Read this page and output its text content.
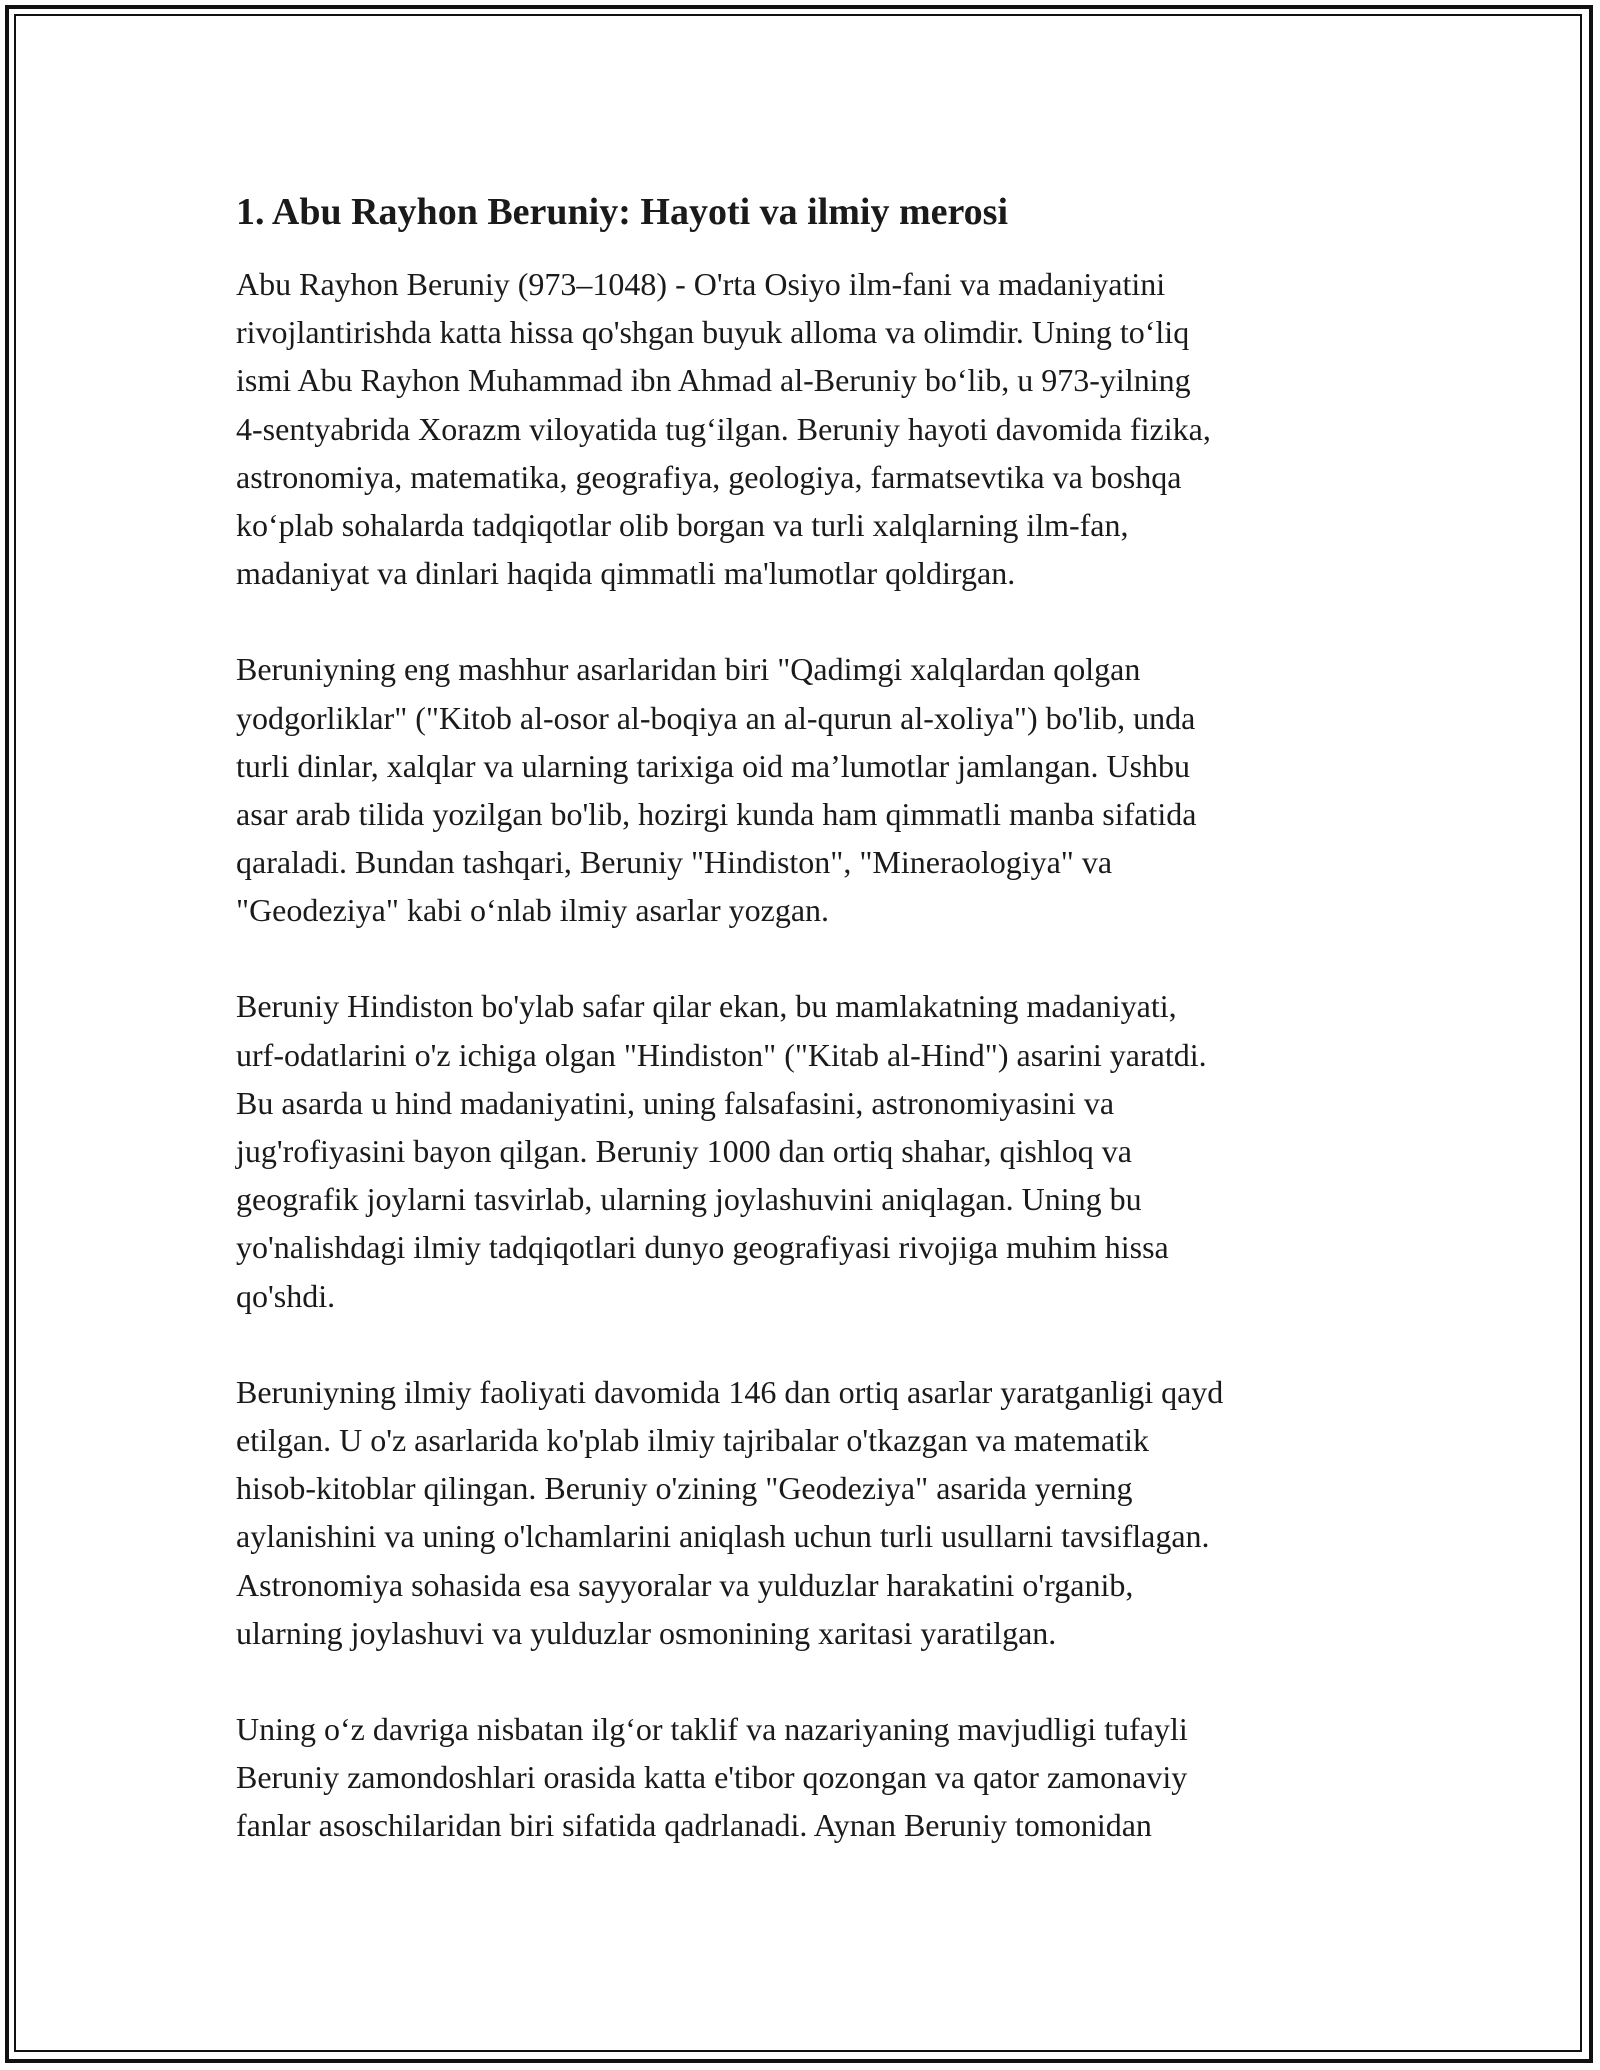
1. Abu Rayhon Beruniy: Hayoti va ilmiy merosi

Abu Rayhon Beruniy (973–1048) - O'rta Osiyo ilm-fani va madaniyatini
rivojlantirishda katta hissa qo'shgan buyuk alloma va olimdir. Uning to‘liq
ismi Abu Rayhon Muhammad ibn Ahmad al-Beruniy bo‘lib, u 973-yilning
4-sentyabrida Xorazm viloyatida tug‘ilgan. Beruniy hayoti davomida fizika,
astronomiya, matematika, geografiya, geologiya, farmatsevtika va boshqa
ko‘plab sohalarda tadqiqotlar olib borgan va turli xalqlarning ilm-fan,
madaniyat va dinlari haqida qimmatli ma'lumotlar qoldirgan.

Beruniyning eng mashhur asarlaridan biri "Qadimgi xalqlardan qolgan
yodgorliklar" ("Kitob al-osor al-boqiya an al-qurun al-xoliya") bo'lib, unda
turli dinlar, xalqlar va ularning tarixiga oid ma’lumotlar jamlangan. Ushbu
asar arab tilida yozilgan bo'lib, hozirgi kunda ham qimmatli manba sifatida
qaraladi. Bundan tashqari, Beruniy "Hindiston", "Mineraologiya" va
"Geodeziya" kabi o‘nlab ilmiy asarlar yozgan.

Beruniy Hindiston bo'ylab safar qilar ekan, bu mamlakatning madaniyati,
urf-odatlarini o'z ichiga olgan "Hindiston" ("Kitab al-Hind") asarini yaratdi.
Bu asarda u hind madaniyatini, uning falsafasini, astronomiyasini va
jug'rofiyasini bayon qilgan. Beruniy 1000 dan ortiq shahar, qishloq va
geografik joylarni tasvirlab, ularning joylashuvini aniqlagan. Uning bu
yo'nalishdagi ilmiy tadqiqotlari dunyo geografiyasi rivojiga muhim hissa
qo'shdi.

Beruniyning ilmiy faoliyati davomida 146 dan ortiq asarlar yaratganligi qayd
etilgan. U o'z asarlarida ko'plab ilmiy tajribalar o'tkazgan va matematik
hisob-kitoblar qilingan. Beruniy o'zining "Geodeziya" asarida yerning
aylanishini va uning o'lchamlarini aniqlash uchun turli usullarni tavsiflagan.
Astronomiya sohasida esa sayyoralar va yulduzlar harakatini o'rganib,
ularning joylashuvi va yulduzlar osmonining xaritasi yaratilgan.

Uning o‘z davriga nisbatan ilg‘or taklif va nazariyaning mavjudligi tufayli
Beruniy zamondoshlari orasida katta e'tibor qozongan va qator zamonaviy
fanlar asoschilaridan biri sifatida qadrlanadi. Aynan Beruniy tomonidan
